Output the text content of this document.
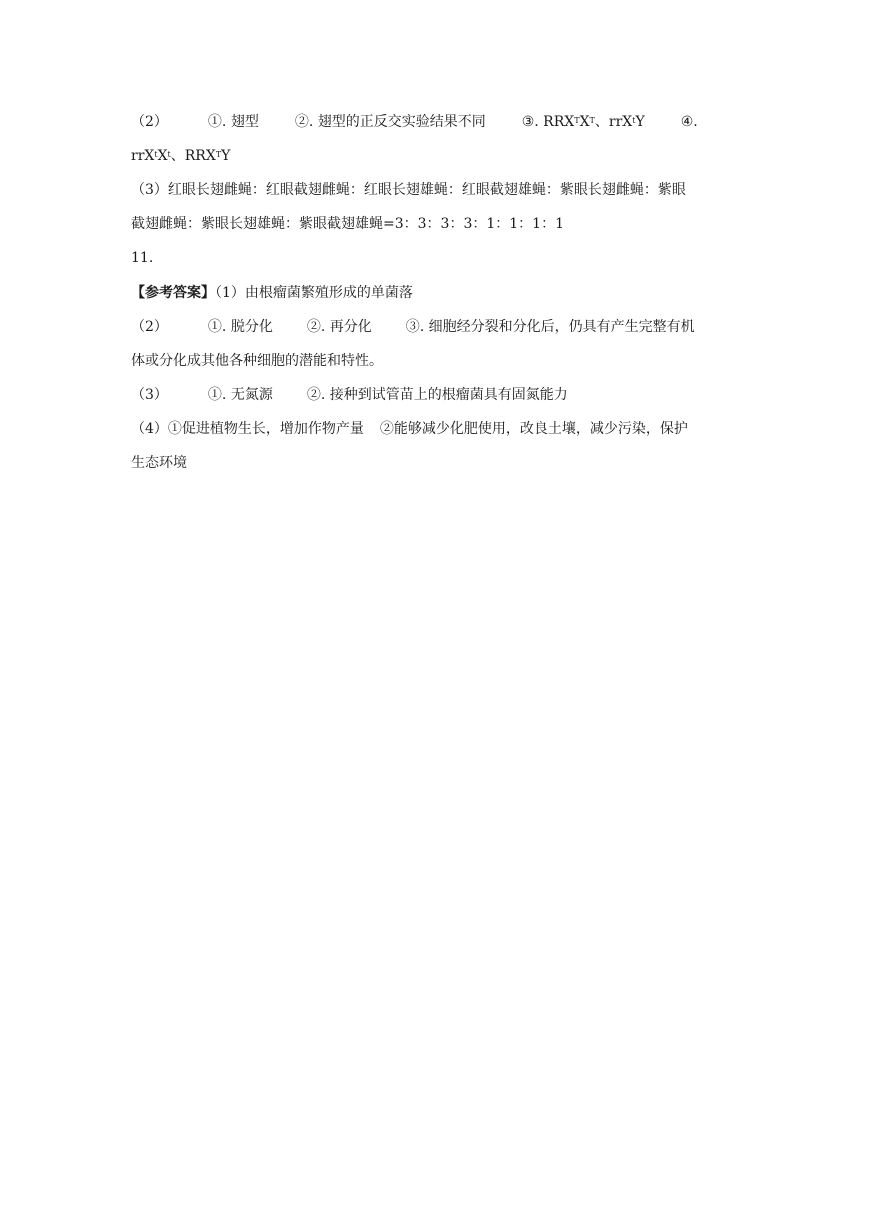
（2）	①. 翅型	②. 翅型的正反交实验结果不同	③. $RRX^TX^T$、rrX$^t$Y	④.
$rrX^tX^t$、$RRX^TY$
（3）红眼长翅雌蝇：红眼截翅雌蝇：红眼长翅雄蝇：红眼截翅雄蝇：紫眼长翅雌蝇：紫眼
截翅雌蝇：紫眼长翅雄蝇：紫眼截翅雄蝇=3：3：3：3：1：1：1：1
11.
【参考答案】（1）由根瘤菌繁殖形成的单菌落
（2）	①. 脱分化 ②. 再分化 ③. 细胞经分裂和分化后，仍具有产生完整有机
体或分化成其他各种细胞的潜能和特性。
（3）	①. 无氮源 ②. 接种到试管苗上的根瘤菌具有固氮能力
（4）①促进植物生长，增加作物产量 ②能够减少化肥使用，改良土壤，减少污染，保护
生态环境
